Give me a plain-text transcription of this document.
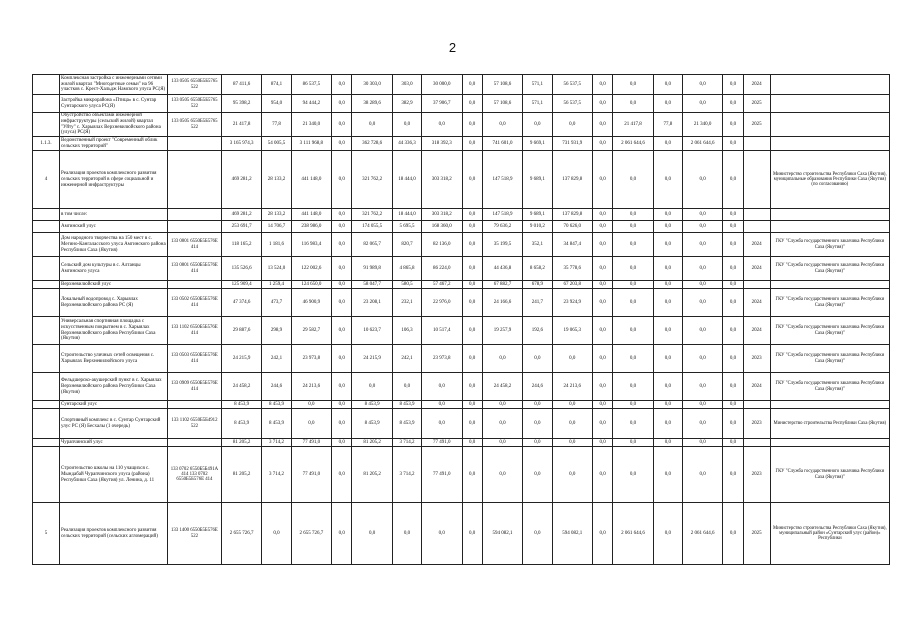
2
	Комплексная застройка с инженерными сетями жилой квартал "Многодетные семьи" на 96 участков с. Крест-Хальдж Намского улуса РС(Я)	133 0505 6550Б5Б5765 522	87 411,6	874,1	86 537,5	0,0	30 303,0	303,0	30 000,0	0,0	57 108,6	571,1	56 537,5	0,0	0,0	0,0	0,0	0,0	2024	
	Застройка микрорайона «Птица» в с. Сунтар Сунтарского улуса РС(Я)	133 0505 6550Б5Б5765 522	95 398,2	954,0	94 444,2	0,0	38 289,6	382,9	37 906,7	0,0	57 108,6	571,1	56 537,5	0,0	0,0	0,0	0,0	0,0	2025	
	Обустройство объектами инженерной инфраструктуры (сельский жилой) квартал "Уйту" с. Харыялах Верхневилюйского района (улуса) РС(Я)	133 0505 6550Б5Б5765 522	21 417,8	77,8	21 340,0	0,0	0,0	0,0	0,0	0,0	0,0	0,0	0,0	0,0	21 417,8	77,8	21 340,0	0,0	2025	
1.1.3.	Ведомственный проект "Современный облик сельских территорий"		3 165 974,3	54 005,5	3 111 968,8	0,0	362 728,6	44 336,3	318 392,3	0,0	741 601,0	9 669,1	731 931,9	0,0	2 061 644,6	0,0	2 061 644,6	0,0		
4	Реализация проектов комплексного развития сельских территорий в сфере социальной и инженерной инфраструктуры		469 281,2	28 133,2	441 148,0	0,0	321 762,2	18 444,0	303 318,2	0,0	147 518,9	9 689,1	137 829,8	0,0	0,0	0,0	0,0	0,0		Министерство строительства Республики Саха (Якутия), муниципальные образования Республики Саха (Якутия) (по согласованию)
	в том числе:		469 281,2	28 133,2	441 148,0	0,0	321 762,2	18 444,0	303 318,2	0,0	147 518,9	9 689,1	137 829,8	0,0	0,0	0,0	0,0	0,0		
	Амгинский улус		253 691,7	14 706,7	238 986,0	0,0	174 055,5	5 695,5	168 360,0	0,0	79 636,2	9 010,2	70 626,0	0,0	0,0	0,0	0,0	0,0		
	Дом народного творчества на 150 мест в с. Мегино-Кангаласского улуса Амгинского района Республики Саха (Якутия)	133 0801 6550Б5Б576Е 414	118 165,2	1 181,6	116 983,4	0,0	82 065,7	820,7	82 136,0	0,0	35 199,5	352,1	34 847,4	0,0	0,0	0,0	0,0	0,0	2024	ГКУ "Служба государственного заказчика Республики Саха (Якутия)"
	Сельский дом культуры в с. Алтанцы Амгинского улуса	133 0801 6550Б5Б576Е 414	135 526,6	13 524,0	122 002,6	0,0	91 989,8	4 865,8	86 224,0	0,0	44 436,8	8 658,2	35 778,6	0,0	0,0	0,0	0,0	0,0	2024	ГКУ "Служба государственного заказчика Республики Саха (Якутия)"
	Верхневилюйский улус		125 909,4	1 259,4	124 650,0	0,0	58 047,7	580,5	57 467,2	0,0	67 882,7	678,9	67 203,8	0,0	0,0	0,0	0,0	0,0		
	Локальный водопровод с. Харыялах Верхневилюйского района РС (Я)	133 0502 6550Б5Б576Е 414	47 374,6	473,7	46 900,9	0,0	23 208,1	232,1	22 976,0	0,0	24 166,6	241,7	23 924,9	0,0	0,0	0,0	0,0	0,0	2024	ГКУ "Служба государственного заказчика Республики Саха (Якутия)"
	Универсальная спортивная площадка с искусственным покрытием в с. Харыялах Верхневилюйского района Республики Саха (Якутия)	133 1102 6550Б5Б576Е 414	29 887,6	298,9	29 582,7	0,0	10 623,7	106,3	10 517,4	0,0	19 257,9	192,6	19 065,3	0,0	0,0	0,0	0,0	0,0	2024	ГКУ "Служба государственного заказчика Республики Саха (Якутия)"
	Строительство уличных сетей освещения с. Харыялах Верхневилюйского улуса	133 0503 6550Б5Б576Е 414	24 215,9	242,1	23 973,8	0,0	24 215,9	242,1	23 973,8	0,0	0,0	0,0	0,0	0,0	0,0	0,0	0,0	0,0	2023	ГКУ "Служба государственного заказчика Республики Саха (Якутия)"
	Фельдшерско-акушерский пункт в с. Харыялах Верхневилюйского района Республики Саха (Якутия)	133 0909 6550Б5Б576Е 414	24 458,2	244,6	24 213,6	0,0	0,0	0,0	0,0	0,0	24 458,2	244,6	24 213,6	0,0	0,0	0,0	0,0	0,0	2024	ГКУ "Служба государственного заказчика Республики Саха (Якутия)"
	Сунтарский улус		8 453,9	8 453,9	0,0	0,0	8 453,9	8 453,9	0,0	0,0	0,0	0,0	0,0	0,0	0,0	0,0	0,0	0,0		
	Спортивный комплекс в с. Сунтар Сунтарский улус РС (Я) Бесхалы (1 очередь)	133 1102 6550Б5Б4912 522	8 453,9	8 453,9	0,0	0,0	8 453,9	8 453,9	0,0	0,0	0,0	0,0	0,0	0,0	0,0	0,0	0,0	0,0	2023	Министерство строительства Республики Саха (Якутия)
	Чурапчинский улус		81 205,2	3 714,2	77 491,0	0,0	81 205,2	3 714,2	77 491,0	0,0	0,0	0,0	0,0	0,0	0,0	0,0	0,0	0,0		
	Строительство школы на 110 учащихся с. Мындабай Чурапчинского улуса (района) Республики Саха (Якутия) ул. Ленина, д. 11	133 0702 6550Б5Б491А 414 133 0702 6550Б5Б576Е 414	81 205,2	3 714,2	77 491,0	0,0	81 205,2	3 714,2	77 491,0	0,0	0,0	0,0	0,0	0,0	0,0	0,0	0,0	0,0	2023	ГКУ "Служба государственного заказчика Республики Саха (Якутия)"
5	Реализация проектов комплексного развития сельских территорий (сельских агломераций)	133 1400 6550Б5Б576Е 522	2 655 726,7	0,0	2 655 726,7	0,0	0,0	0,0	0,0	0,0	594 082,1	0,0	594 082,1	0,0	2 061 644,6	0,0	2 061 644,6	0,0	2025	Министерство строительства Республики Саха (Якутия), муниципальный район «Сунтарский улус (район)» Республики
